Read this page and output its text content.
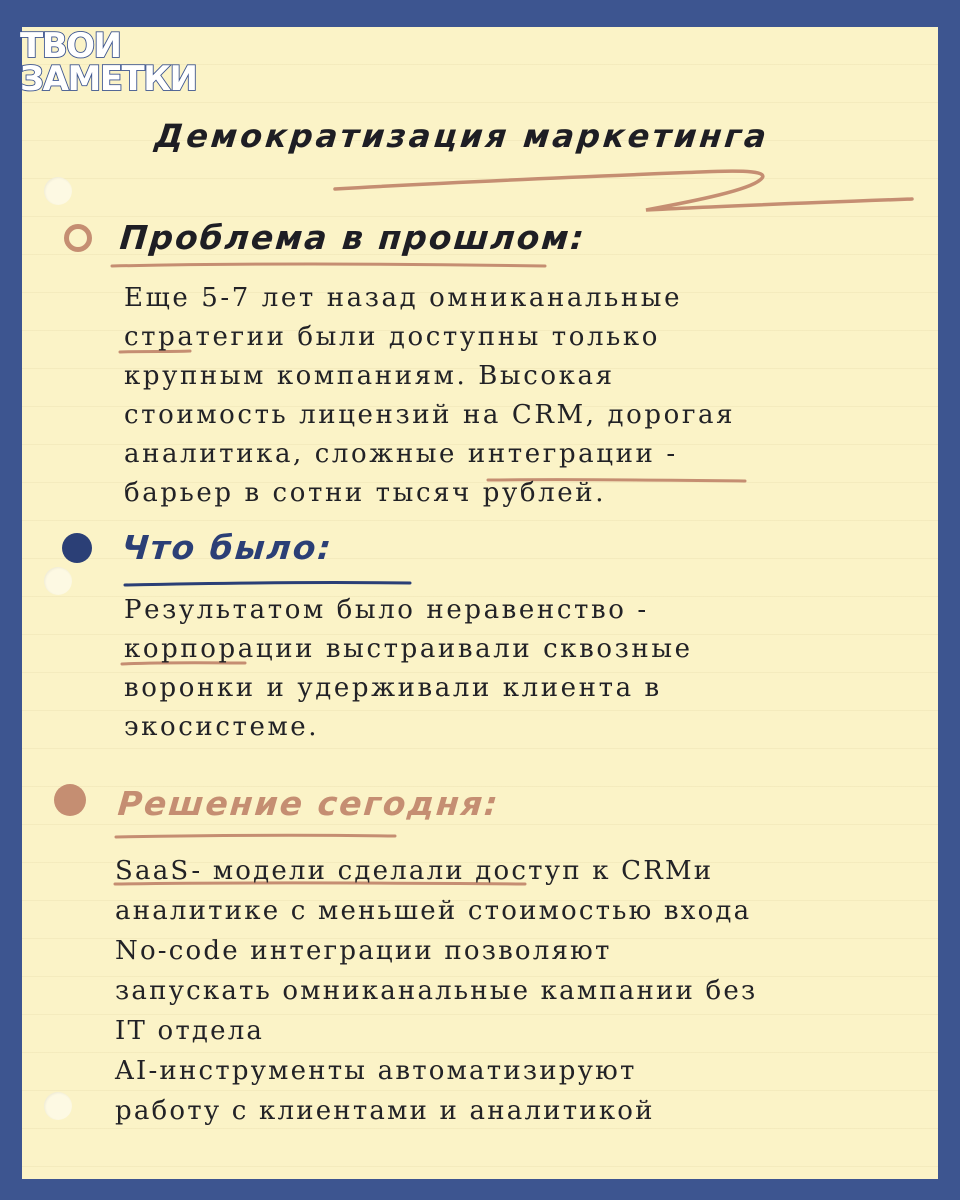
ТВОИ
ЗАМЕТКИ
Демократизация маркетинга
Проблема в прошлом:
Еще 5-7 лет назад омниканальные
стратегии были доступны только
крупным компаниям. Высокая
стоимость лицензий на CRM, дорогая
аналитика, сложные интеграции -
барьер в сотни тысяч рублей.
Что было:
Результатом было неравенство -
корпорации выстраивали сквозные
воронки и удерживали клиента в
экосистеме.
Решение сегодня:
SaaS- модели сделали доступ к CRMи
аналитике с меньшей стоимостью входа
No-code интеграции позволяют
запускать омниканальные кампании без
IT отдела
AI-инструменты автоматизируют
работу с клиентами и аналитикой
